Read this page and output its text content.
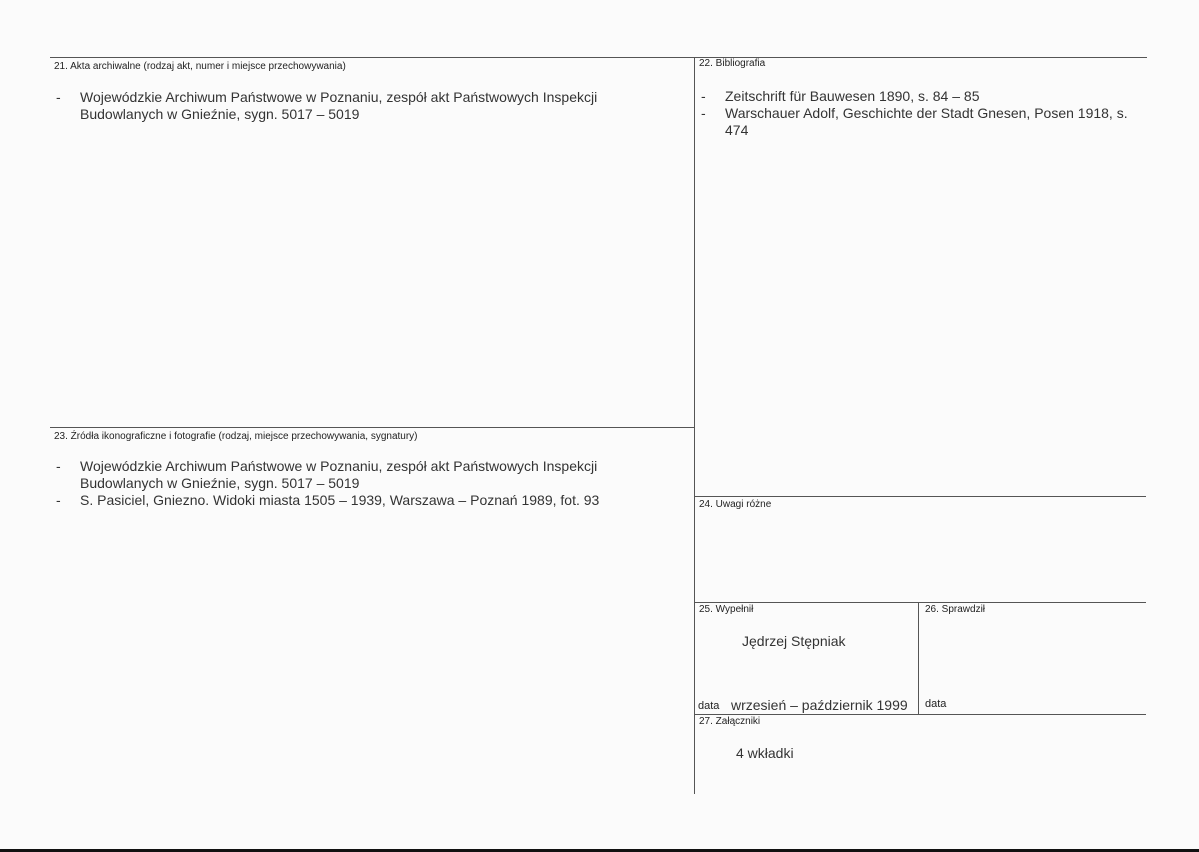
21. Akta archiwalne (rodzaj akt, numer i miejsce przechowywania)
- Wojewódzkie Archiwum Państwowe w Poznaniu, zespół akt Państwowych Inspekcji
Budowlanych w Gnieźnie, sygn. 5017 – 5019
22. Bibliografia
- Zeitschrift für Bauwesen 1890, s. 84 – 85
- Warschauer Adolf, Geschichte der Stadt Gnesen, Posen 1918, s.
474
23. Źródła ikonograficzne i fotografie (rodzaj, miejsce przechowywania, sygnatury)
- Wojewódzkie Archiwum Państwowe w Poznaniu, zespół akt Państwowych Inspekcji
Budowlanych w Gnieźnie, sygn. 5017 – 5019
- S. Pasiciel, Gniezno. Widoki miasta 1505 – 1939, Warszawa – Poznań 1989, fot. 93	24. Uwagi różne
25. Wypełnił
Jędrzej Stępniak
data wrzesień – październik 1999
26. Sprawdził
data
27. Załączniki
4 wkładki
